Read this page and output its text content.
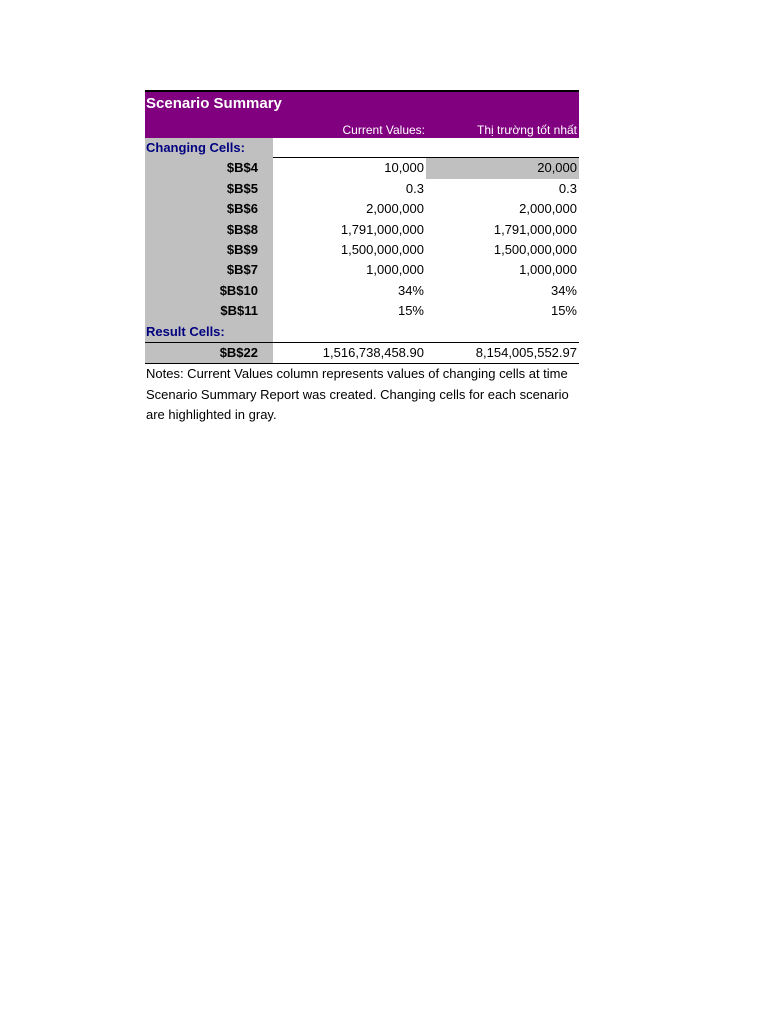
Scenario Summary
Current Values:	Thị trường tốt nhất
Changing Cells:
$B$4	10,000	20,000
$B$5	0.3	0.3
$B$6	2,000,000	2,000,000
$B$8	1,791,000,000	1,791,000,000
$B$9	1,500,000,000	1,500,000,000
$B$7	1,000,000	1,000,000
$B$10	34%	34%
$B$11	15%	15%
Result Cells:
$B$22	1,516,738,458.90	8,154,005,552.97
Notes: Current Values column represents values of changing cells at time Scenario Summary Report was created. Changing cells for each scenario are highlighted in gray.
